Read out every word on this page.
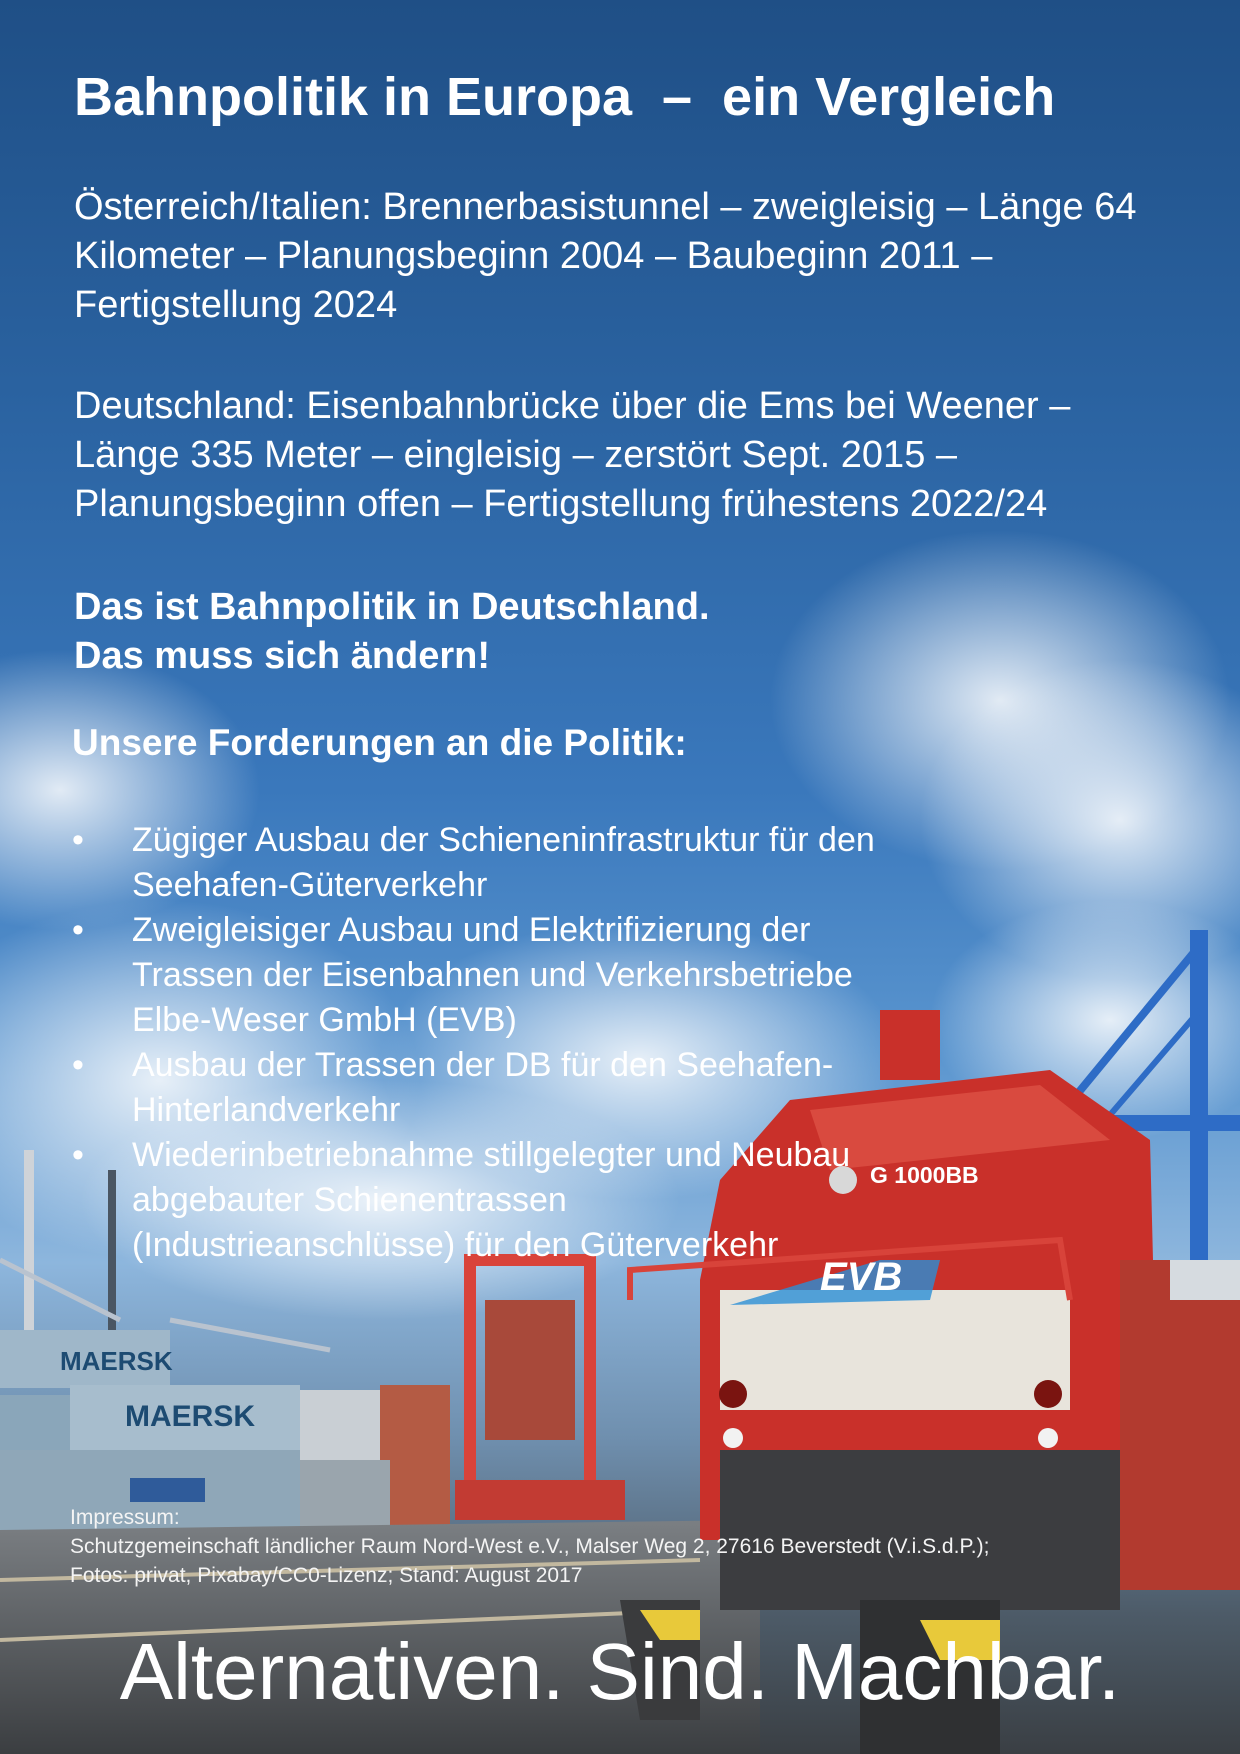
G 1000BB
EVB
MAERSK
MAERSK
Bahnpolitik in Europa  –  ein Vergleich

Österreich/Italien: Brennerbasistunnel – zweigleisig – Länge 64 Kilometer – Planungsbeginn 2004 – Baubeginn 2011 – Fertigstellung 2024

Deutschland: Eisenbahnbrücke über die Ems bei Weener – Länge 335 Meter – eingleisig – zerstört Sept. 2015 – Planungsbeginn offen – Fertigstellung frühestens 2022/24

Das ist Bahnpolitik in Deutschland.

Das muss sich ändern!

Unsere Forderungen an die Politik:
• Zügiger Ausbau der Schieneninfrastruktur für den Seehafen-Güterverkehr
• Zweigleisiger Ausbau und Elektrifizierung der Trassen der Eisenbahnen und Verkehrsbetriebe Elbe-Weser GmbH (EVB)
• Ausbau der Trassen der DB für den Seehafen-Hinterlandverkehr
• Wiederinbetriebnahme stillgelegter und Neubau abgebauter Schienentrassen (Industrieanschlüsse) für den Güterverkehr
Impressum:
Schutzgemeinschaft ländlicher Raum Nord-West e.V., Malser Weg 2, 27616 Beverstedt (V.i.S.d.P.);
Fotos: privat, Pixabay/CC0-Lizenz; Stand: August 2017

Alternativen. Sind. Machbar.
